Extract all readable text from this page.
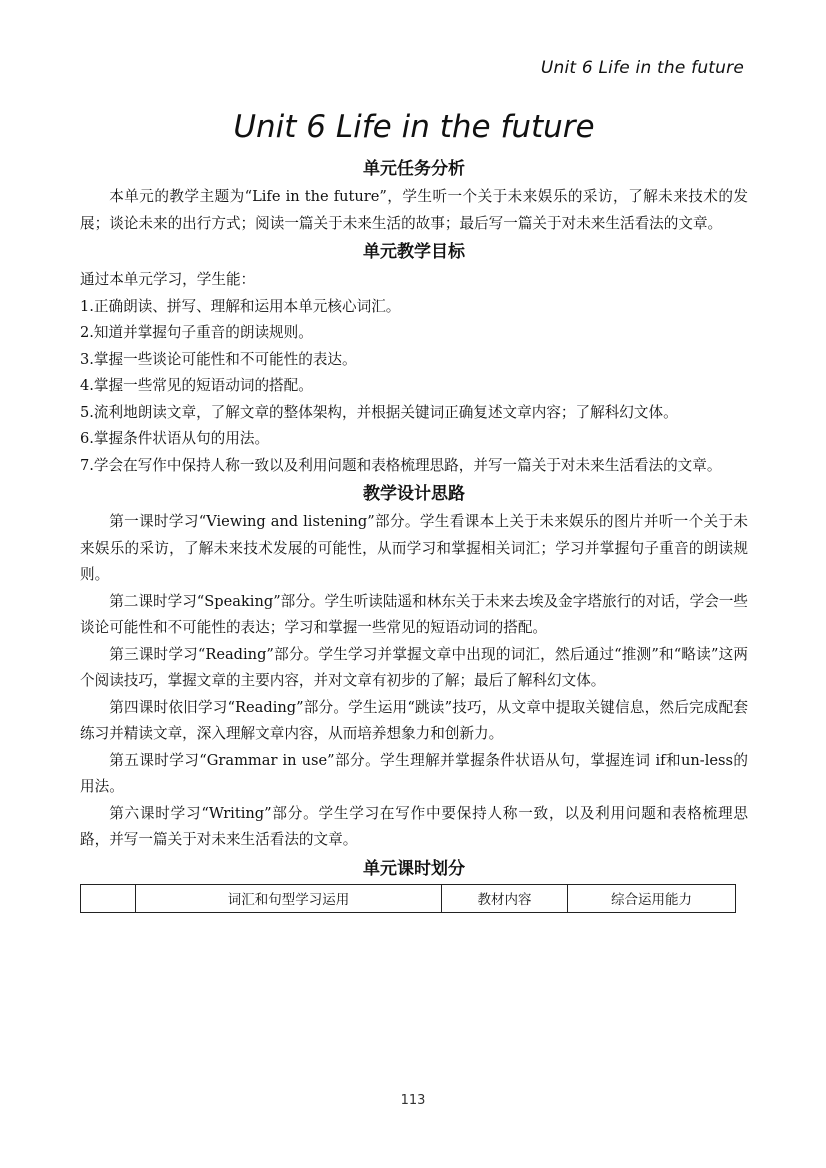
Unit 6 Life in the future
Unit 6 Life in the future
单元任务分析

本单元的教学主题为“Life in the future”，学生听一个关于未来娱乐的采访，了解未来技术的发展；谈论未来的出行方式；阅读一篇关于未来生活的故事；最后写一篇关于对未来生活看法的文章。

单元教学目标

通过本单元学习，学生能：

1.正确朗读、拼写、理解和运用本单元核心词汇。

2.知道并掌握句子重音的朗读规则。

3.掌握一些谈论可能性和不可能性的表达。

4.掌握一些常见的短语动词的搭配。

5.流利地朗读文章，了解文章的整体架构，并根据关键词正确复述文章内容；了解科幻文体。

6.掌握条件状语从句的用法。

7.学会在写作中保持人称一致以及利用问题和表格梳理思路，并写一篇关于对未来生活看法的文章。

教学设计思路

第一课时学习“Viewing and listening”部分。学生看课本上关于未来娱乐的图片并听一个关于未来娱乐的采访，了解未来技术发展的可能性，从而学习和掌握相关词汇；学习并掌握句子重音的朗读规则。

第二课时学习“Speaking”部分。学生听读陆遥和林东关于未来去埃及金字塔旅行的对话，学会一些谈论可能性和不可能性的表达；学习和掌握一些常见的短语动词的搭配。

第三课时学习“Reading”部分。学生学习并掌握文章中出现的词汇，然后通过“推测”和“略读”这两个阅读技巧，掌握文章的主要内容，并对文章有初步的了解；最后了解科幻文体。

第四课时依旧学习“Reading”部分。学生运用“跳读”技巧，从文章中提取关键信息，然后完成配套练习并精读文章，深入理解文章内容，从而培养想象力和创新力。

第五课时学习“Grammar in use”部分。学生理解并掌握条件状语从句，掌握连词 if和un-less的用法。

第六课时学习“Writing”部分。学生学习在写作中要保持人称一致，以及利用问题和表格梳理思路，并写一篇关于对未来生活看法的文章。

单元课时划分
	词汇和句型学习运用	教材内容	综合运用能力
113
